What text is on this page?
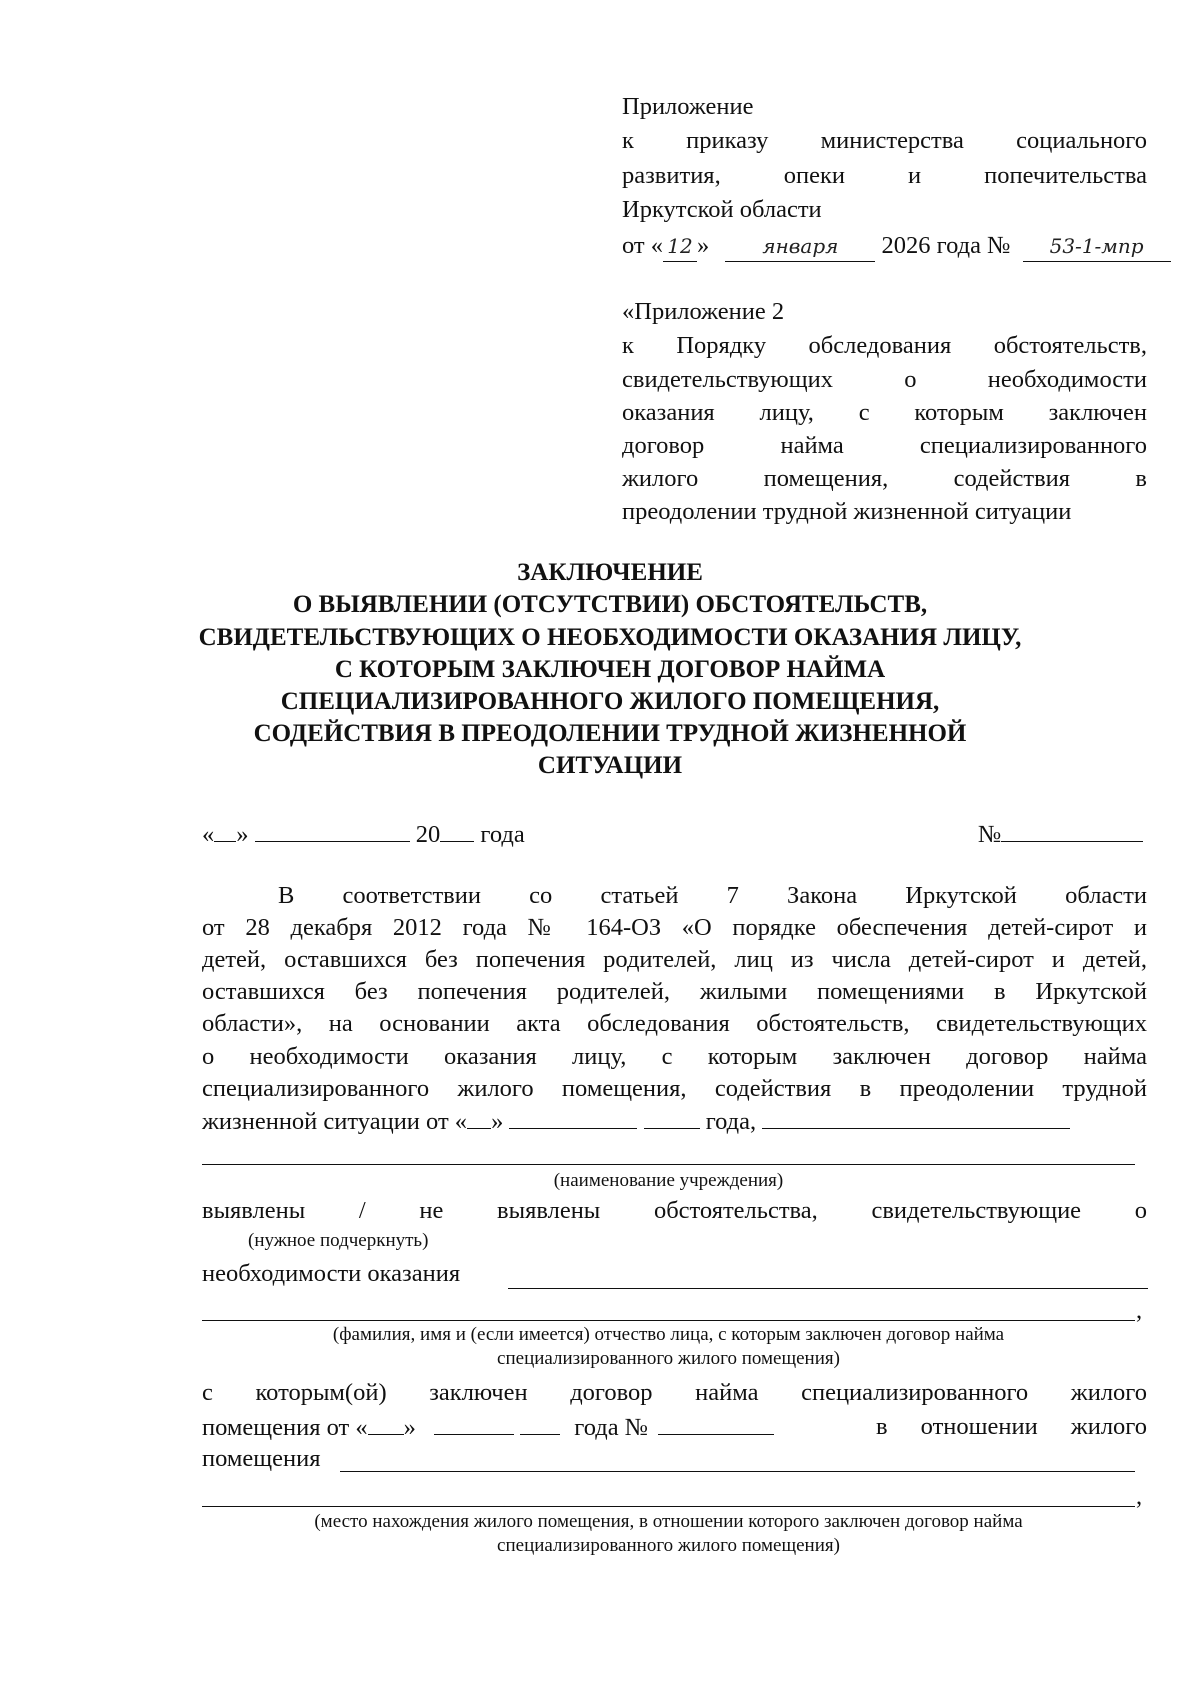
Приложение
к приказу министерства социального
развития, опеки и попечительства
Иркутской области
от « 12 »	января 2026 года № 53-1-мпр
«Приложение 2
к Порядку обследования обстоятельств,
свидетельствующих о необходимости
оказания лицу, с которым заключен
договор найма специализированного
жилого помещения, содействия в
преодолении трудной жизненной ситуации
ЗАКЛЮЧЕНИЕ
О ВЫЯВЛЕНИИ (ОТСУТСТВИИ) ОБСТОЯТЕЛЬСТВ,
СВИДЕТЕЛЬСТВУЮЩИХ О НЕОБХОДИМОСТИ ОКАЗАНИЯ ЛИЦУ,
С КОТОРЫМ ЗАКЛЮЧЕН ДОГОВОР НАЙМА
СПЕЦИАЛИЗИРОВАННОГО ЖИЛОГО ПОМЕЩЕНИЯ,
СОДЕЙСТВИЯ В ПРЕОДОЛЕНИИ ТРУДНОЙ ЖИЗНЕННОЙ
СИТУАЦИИ
« »	20 года	№
В соответствии со статьей 7 Закона Иркутской области
от 28 декабря 2012 года № 164-ОЗ «О порядке обеспечения детей-сирот и
детей, оставшихся без попечения родителей, лиц из числа детей-сирот и детей,
оставшихся без попечения родителей, жилыми помещениями в Иркутской
области», на основании акта обследования обстоятельств, свидетельствующих
о необходимости оказания лицу, с которым заключен договор найма
специализированного жилого помещения, содействия в преодолении трудной
жизненной ситуации от « »	года,
(наименование учреждения)
выявлены / не выявлены обстоятельства, свидетельствующие о
(нужное подчеркнуть)
необходимости оказания
,
(фамилия, имя и (если имеется) отчество лица, с которым заключен договор найма
специализированного жилого помещения)
с которым(ой) заключен договор найма специализированного жилого
помещения от « »	года №	в отношении жилого
помещения
,
(место нахождения жилого помещения, в отношении которого заключен договор найма
специализированного жилого помещения)
